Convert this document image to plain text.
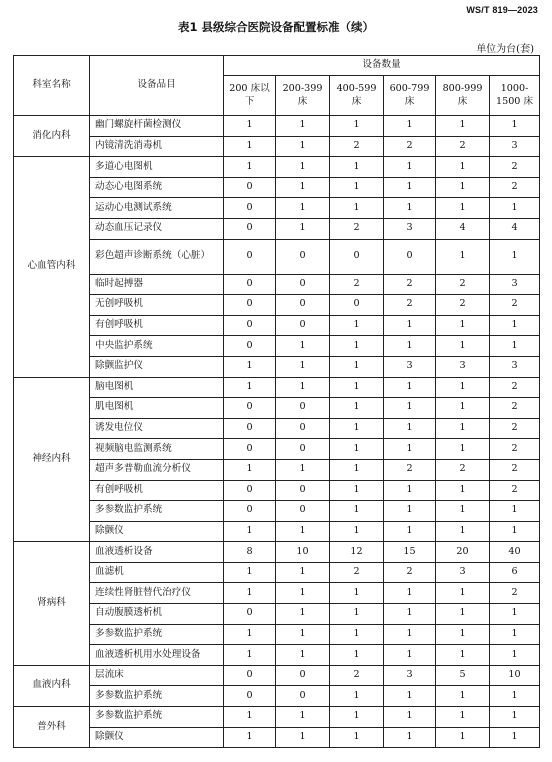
WS/T 819—2023
表1 县级综合医院设备配置标准（续）
单位为台(套)
科室名称	设备品目	设备数量					
		200 床以下	200-399 床	400-599 床	600-799 床	800-999 床	1000-1500 床
消化内科	幽门螺旋杆菌检测仪	1	1	1	1	1	1
	内镜清洗消毒机	1	1	2	2	2	3
心血管内科	多道心电图机	1	1	1	1	1	2
	动态心电图系统	0	1	1	1	1	2
	运动心电测试系统	0	1	1	1	1	1
	动态血压记录仪	0	1	2	3	4	4
	彩色超声诊断系统（心脏）	0	0	0	0	1	1
	临时起搏器	0	0	2	2	2	3
	无创呼吸机	0	0	0	2	2	2
	有创呼吸机	0	0	1	1	1	1
	中央监护系统	0	1	1	1	1	1
	除颤监护仪	1	1	1	3	3	3
神经内科	脑电图机	1	1	1	1	1	2
	肌电图机	0	0	1	1	1	2
	诱发电位仪	0	0	1	1	1	2
	视频脑电监测系统	0	0	1	1	1	2
	超声多普勒血流分析仪	1	1	1	2	2	2
	有创呼吸机	0	0	1	1	1	2
	多参数监护系统	0	0	1	1	1	1
	除颤仪	1	1	1	1	1	1
肾病科	血液透析设备	8	10	12	15	20	40
	血滤机	1	1	2	2	3	6
	连续性肾脏替代治疗仪	1	1	1	1	1	2
	自动腹膜透析机	0	1	1	1	1	1
	多参数监护系统	1	1	1	1	1	1
	血液透析机用水处理设备	1	1	1	1	1	1
血液内科	层流床	0	0	2	3	5	10
	多参数监护系统	0	0	1	1	1	1
普外科	多参数监护系统	1	1	1	1	1	1
	除颤仪	1	1	1	1	1	1
